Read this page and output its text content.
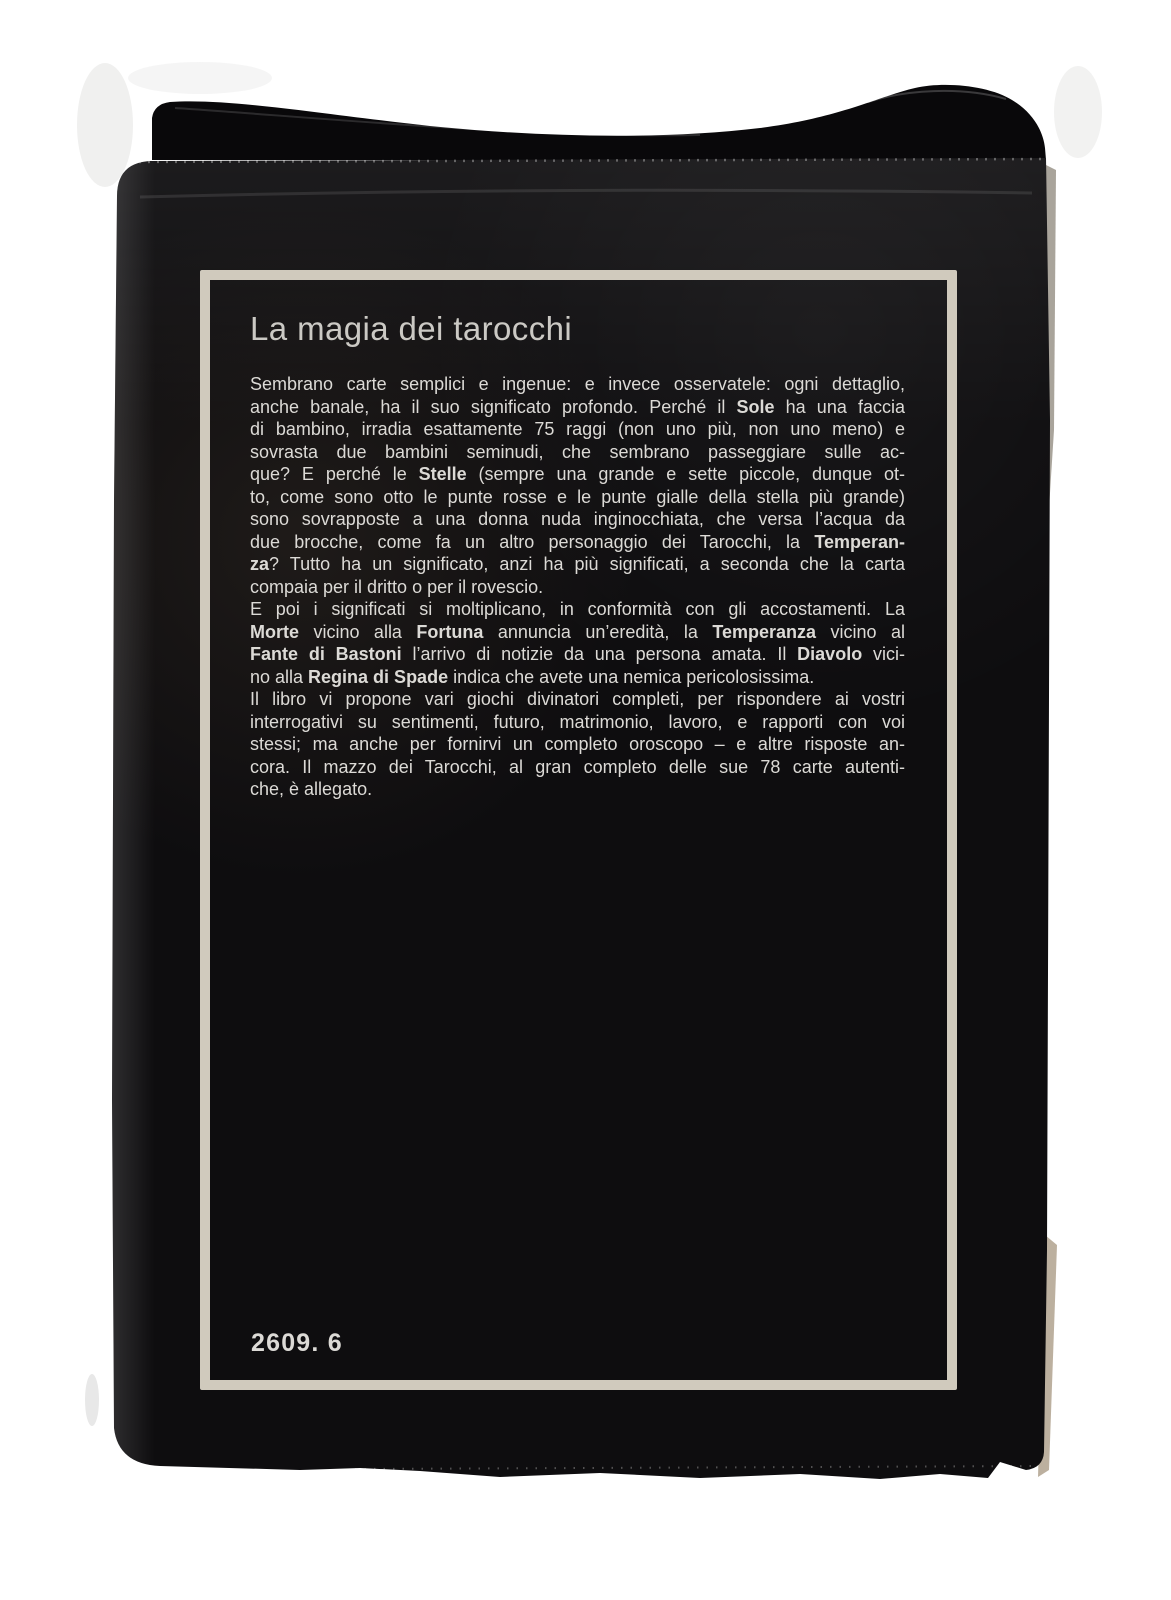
La magia dei tarocchi
Sembrano carte semplici e ingenue: e invece osservatele: ogni dettaglio,
anche banale, ha il suo significato profondo. Perché il Sole ha una faccia
di bambino, irradia esattamente 75 raggi (non uno più, non uno meno) e
sovrasta due bambini seminudi, che sembrano passeggiare sulle ac-
que? E perché le Stelle (sempre una grande e sette piccole, dunque ot-
to, come sono otto le punte rosse e le punte gialle della stella più grande)
sono sovrapposte a una donna nuda inginocchiata, che versa l’acqua da
due brocche, come fa un altro personaggio dei Tarocchi, la Temperan-
za? Tutto ha un significato, anzi ha più significati, a seconda che la carta
compaia per il dritto o per il rovescio.
E poi i significati si moltiplicano, in conformità con gli accostamenti. La
Morte vicino alla Fortuna annuncia un’eredità, la Temperanza vicino al
Fante di Bastoni l’arrivo di notizie da una persona amata. Il Diavolo vici-
no alla Regina di Spade indica che avete una nemica pericolosissima.
Il libro vi propone vari giochi divinatori completi, per rispondere ai vostri
interrogativi su sentimenti, futuro, matrimonio, lavoro, e rapporti con voi
stessi; ma anche per fornirvi un completo oroscopo – e altre risposte an-
cora. Il mazzo dei Tarocchi, al gran completo delle sue 78 carte autenti-
che, è allegato.
2609. 6
